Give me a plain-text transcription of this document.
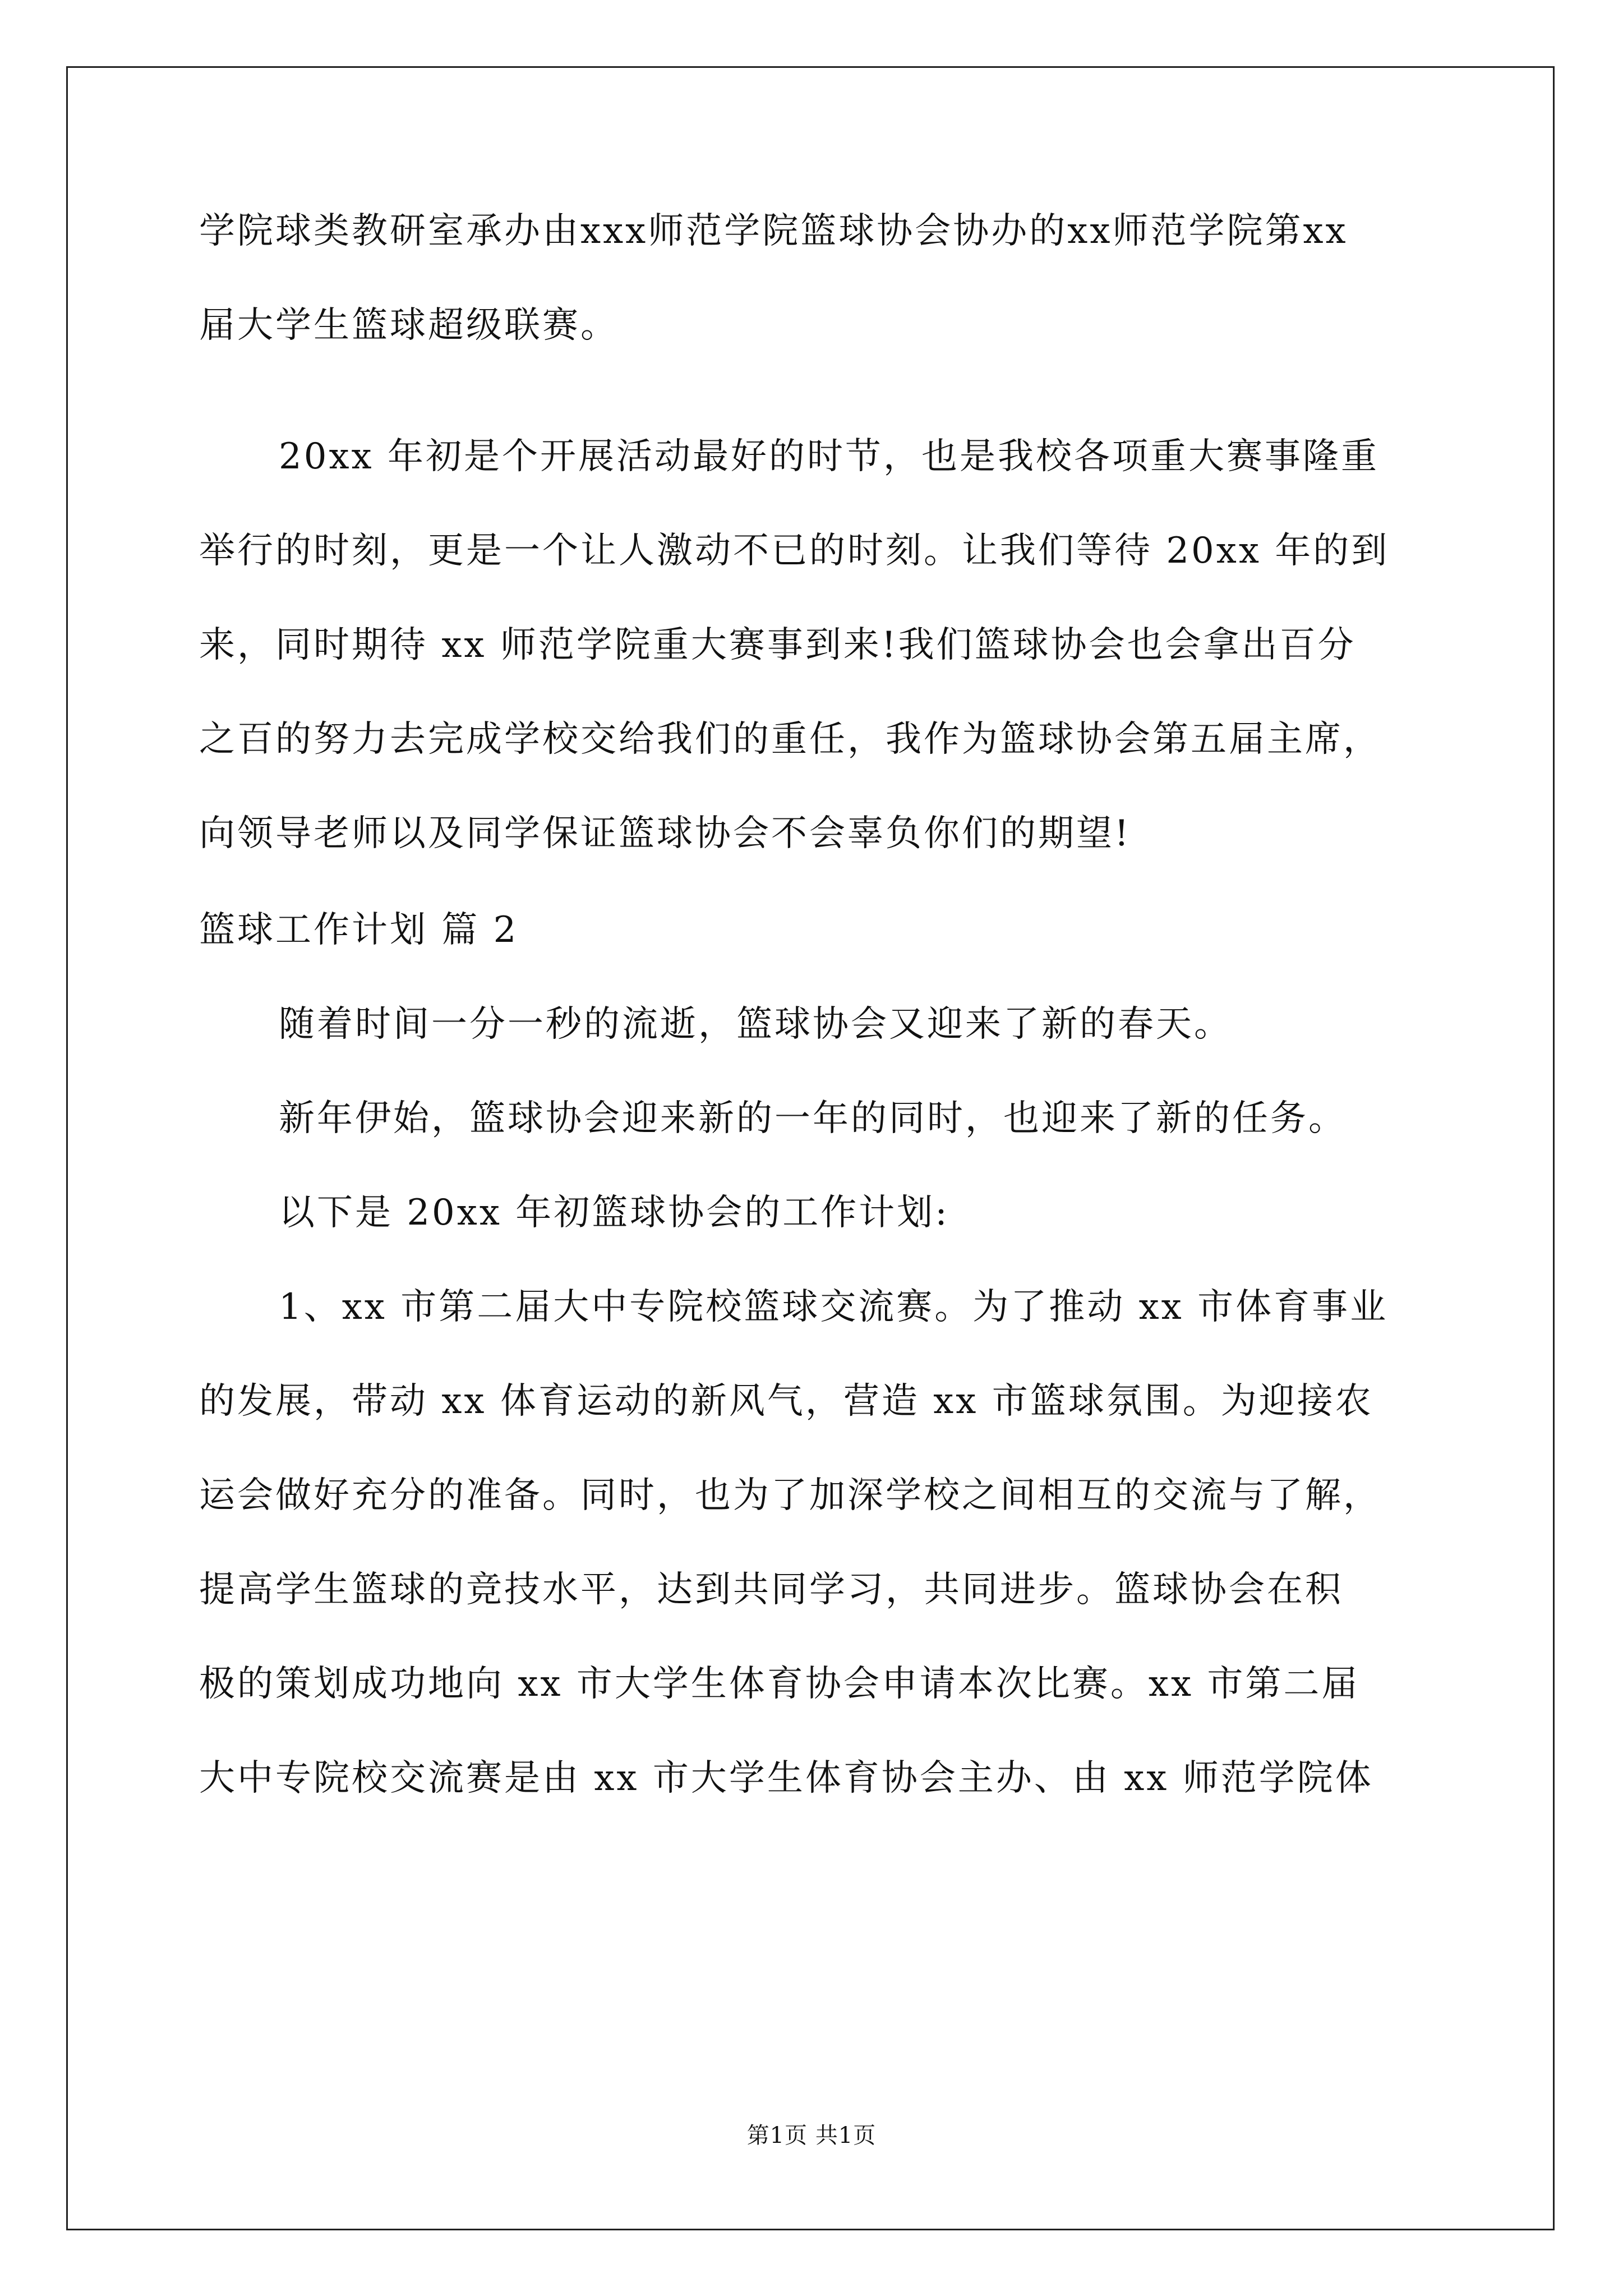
学院球类教研室承办由xxx师范学院篮球协会协办的xx师范学院第xx
届大学生篮球超级联赛。
20xx 年初是个开展活动最好的时节，也是我校各项重大赛事隆重
举行的时刻，更是一个让人激动不已的时刻。让我们等待 20xx 年的到
来，同时期待 xx 师范学院重大赛事到来!我们篮球协会也会拿出百分
之百的努力去完成学校交给我们的重任，我作为篮球协会第五届主席，
向领导老师以及同学保证篮球协会不会辜负你们的期望!
篮球工作计划 篇 2
随着时间一分一秒的流逝，篮球协会又迎来了新的春天。
新年伊始，篮球协会迎来新的一年的同时，也迎来了新的任务。
以下是 20xx 年初篮球协会的工作计划:
1、xx 市第二届大中专院校篮球交流赛。为了推动 xx 市体育事业
的发展，带动 xx 体育运动的新风气，营造 xx 市篮球氛围。为迎接农
运会做好充分的准备。同时，也为了加深学校之间相互的交流与了解，
提高学生篮球的竞技水平，达到共同学习，共同进步。篮球协会在积
极的策划成功地向 xx 市大学生体育协会申请本次比赛。xx 市第二届
大中专院校交流赛是由 xx 市大学生体育协会主办、由 xx 师范学院体
第1页 共1页
